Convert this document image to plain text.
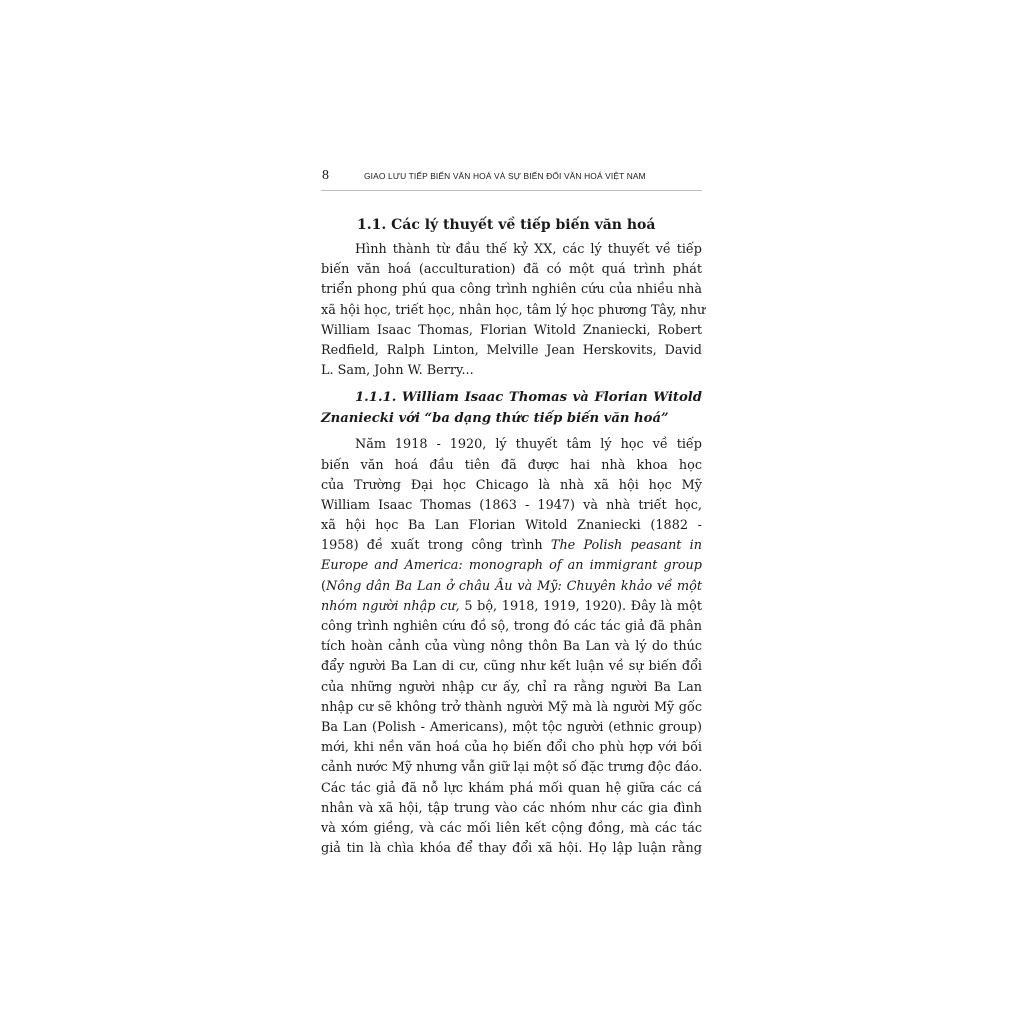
8	GIAO LƯU TIẾP BIẾN VĂN HOÁ VÀ SỰ BIẾN ĐỔI VĂN HOÁ VIỆT NAM
1.1. Các lý thuyết về tiếp biến văn hoá
Hình thành từ đầu thế kỷ XX, các lý thuyết về tiếp
biến văn hoá (acculturation) đã có một quá trình phát
triển phong phú qua công trình nghiên cứu của nhiều nhà
xã hội học, triết học, nhân học, tâm lý học phương Tây, như
William Isaac Thomas, Florian Witold Znaniecki, Robert
Redfield, Ralph Linton, Melville Jean Herskovits, David
L. Sam, John W. Berry...
1.1.1. William Isaac Thomas và Florian Witold
Znaniecki với “ba dạng thức tiếp biến văn hoá”
Năm 1918 - 1920, lý thuyết tâm lý học về tiếp
biến văn hoá đầu tiên đã được hai nhà khoa học
của Trường Đại học Chicago là nhà xã hội học Mỹ
William Isaac Thomas (1863 - 1947) và nhà triết học,
xã hội học Ba Lan Florian Witold Znaniecki (1882 -
1958) đề xuất trong công trình The Polish peasant in
Europe and America: monograph of an immigrant group
(Nông dân Ba Lan ở châu Âu và Mỹ: Chuyên khảo về một
nhóm người nhập cư, 5 bộ, 1918, 1919, 1920). Đây là một
công trình nghiên cứu đồ sộ, trong đó các tác giả đã phân
tích hoàn cảnh của vùng nông thôn Ba Lan và lý do thúc
đẩy người Ba Lan di cư, cũng như kết luận về sự biến đổi
của những người nhập cư ấy, chỉ ra rằng người Ba Lan
nhập cư sẽ không trở thành người Mỹ mà là người Mỹ gốc
Ba Lan (Polish - Americans), một tộc người (ethnic group)
mới, khi nền văn hoá của họ biến đổi cho phù hợp với bối
cảnh nước Mỹ nhưng vẫn giữ lại một số đặc trưng độc đáo.
Các tác giả đã nỗ lực khám phá mối quan hệ giữa các cá
nhân và xã hội, tập trung vào các nhóm như các gia đình
và xóm giềng, và các mối liên kết cộng đồng, mà các tác
giả tin là chìa khóa để thay đổi xã hội. Họ lập luận rằng
